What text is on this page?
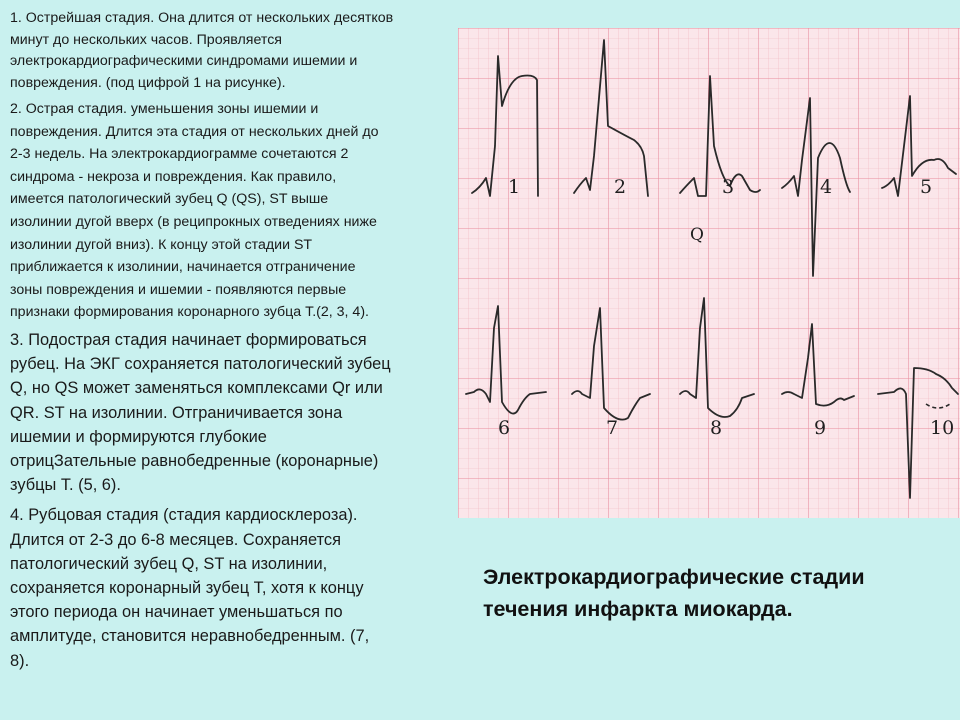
1. Острейшая стадия. Она длится от нескольких десятков
минут до нескольких часов. Проявляется
электрокардиографическими синдромами ишемии и
повреждения. (под цифрой 1 на рисунке).

2. Острая стадия. уменьшения зоны ишемии и
повреждения. Длится эта стадия от нескольких дней до
2-3 недель. На электрокардиограмме сочетаются 2
синдрома - некроза и повреждения. Как правило,
имеется патологический зубец Q (QS), ST выше
изолинии дугой вверх (в реципрокных отведениях ниже
изолинии дугой вниз). К концу этой стадии ST
приближается к изолинии, начинается отграничение
зоны повреждения и ишемии - появляются первые
признаки формирования коронарного зубца Т.(2, 3, 4).

3. Подострая стадия начинает формироваться
рубец. На ЭКГ сохраняется патологический зубец
Q, но QS может заменяться комплексами Qr или
QR. ST на изолинии. Отграничивается зона
ишемии и формируются глубокие
отрицЗательные равнобедренные (коронарные)
зубцы Т. (5, 6).

4. Рубцовая стадия (стадия кардиосклероза).
Длится от 2-3 до 6-8 месяцев. Сохраняется
патологический зубец Q, ST на изолинии,
сохраняется коронарный зубец Т, хотя к концу
этого периода он начинает уменьшаться по
амплитуде, становится неравнобедренным. (7,
8).

1	2	3	4	5
Q
6	7	8	9	10
Электрокардиографические стадии
течения инфаркта миокарда.
